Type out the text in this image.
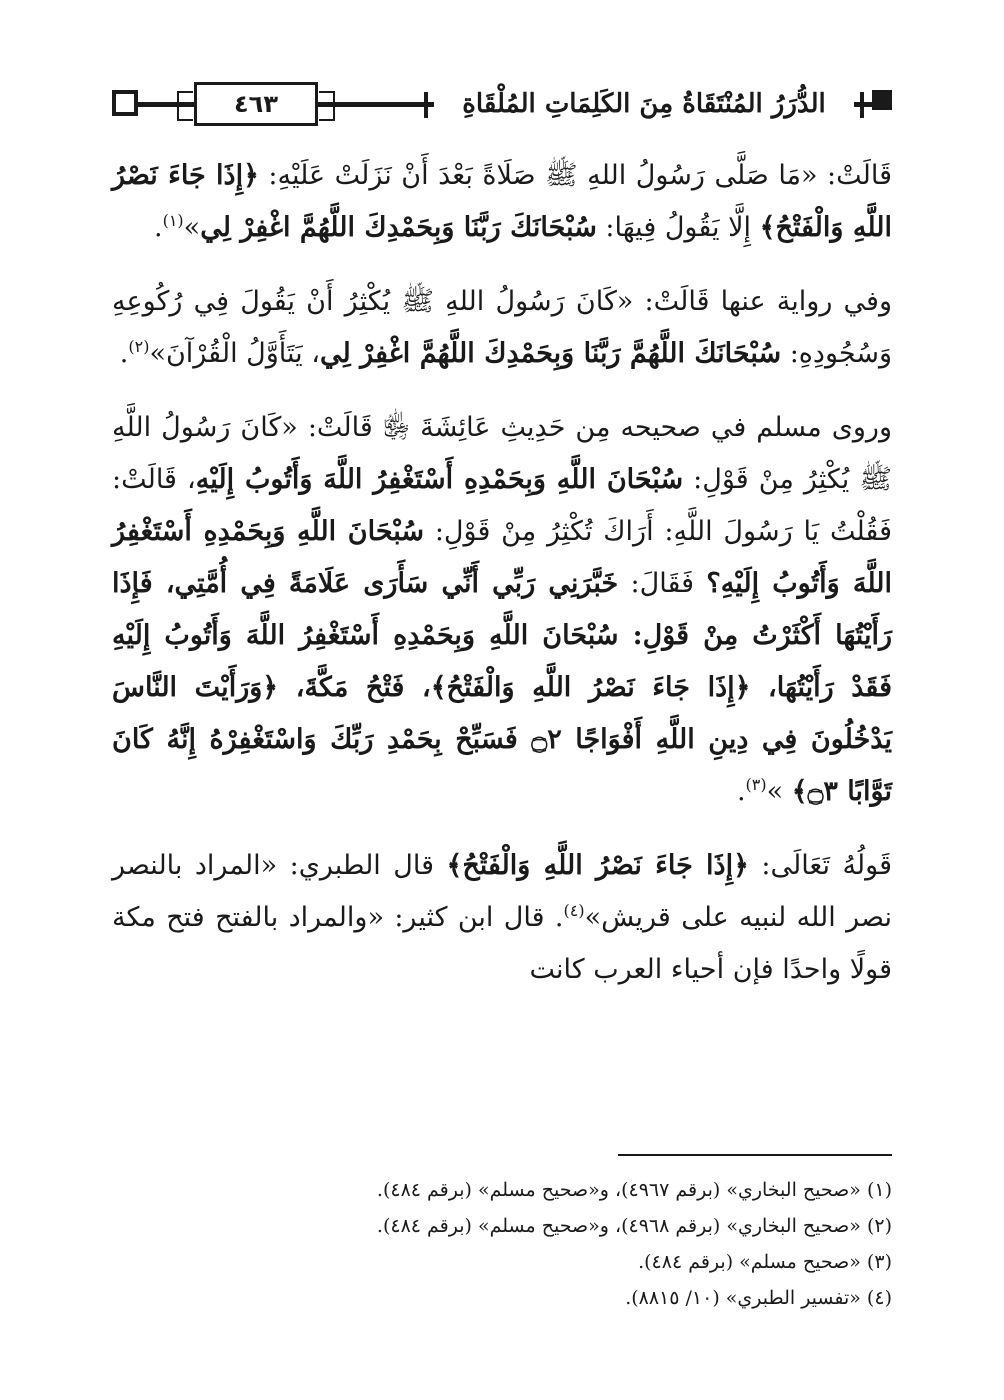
٤٦٣	الدُّرَرُ المُنْتَقَاةُ مِنَ الكَلِمَاتِ المُلْقَاةِ

قَالَتْ: «مَا صَلَّى رَسُولُ اللهِ ﷺ صَلَاةً بَعْدَ أَنْ نَزَلَتْ عَلَيْهِ: ﴿إِذَا جَاءَ نَصْرُ اللَّهِ وَالْفَتْحُ﴾ إِلَّا يَقُولُ فِيهَا: سُبْحَانَكَ رَبَّنَا وَبِحَمْدِكَ اللَّهُمَّ اغْفِرْ لِي»$^{(١)}$.

وفي رواية عنها قَالَتْ: «كَانَ رَسُولُ اللهِ ﷺ يُكْثِرُ أَنْ يَقُولَ فِي رُكُوعِهِ وَسُجُودِهِ: سُبْحَانَكَ اللَّهُمَّ رَبَّنَا وَبِحَمْدِكَ اللَّهُمَّ اغْفِرْ لِي، يَتَأَوَّلُ الْقُرْآنَ»$^{(٢)}$.

وروى مسلم في صحيحه مِن حَدِيثِ عَائِشَةَ ﵂ قَالَتْ: «كَانَ رَسُولُ اللَّهِ ﷺ يُكْثِرُ مِنْ قَوْلِ: سُبْحَانَ اللَّهِ وَبِحَمْدِهِ أَسْتَغْفِرُ اللَّهَ وَأَتُوبُ إِلَيْهِ، قَالَتْ: فَقُلْتُ يَا رَسُولَ اللَّهِ: أَرَاكَ تُكْثِرُ مِنْ قَوْلِ: سُبْحَانَ اللَّهِ وَبِحَمْدِهِ أَسْتَغْفِرُ اللَّهَ وَأَتُوبُ إِلَيْهِ؟ فَقَالَ: خَبَّرَنِي رَبِّي أَنِّي سَأَرَى عَلَامَةً فِي أُمَّتِي، فَإِذَا رَأَيْتُهَا أَكْثَرْتُ مِنْ قَوْلِ: سُبْحَانَ اللَّهِ وَبِحَمْدِهِ أَسْتَغْفِرُ اللَّهَ وَأَتُوبُ إِلَيْهِ فَقَدْ رَأَيْتُهَا، ﴿إِذَا جَاءَ نَصْرُ اللَّهِ وَالْفَتْحُ﴾، فَتْحُ مَكَّةَ، ﴿وَرَأَيْتَ النَّاسَ يَدْخُلُونَ فِي دِينِ اللَّهِ أَفْوَاجًا ۝٢ فَسَبِّحْ بِحَمْدِ رَبِّكَ وَاسْتَغْفِرْهُ إِنَّهُ كَانَ تَوَّابًا ۝٣﴾ »$^{(٣)}$.

قَولُهُ تَعَالَى: ﴿إِذَا جَاءَ نَصْرُ اللَّهِ وَالْفَتْحُ﴾ قال الطبري: «المراد بالنصر نصر الله لنبيه على قريش»$^{(٤)}$. قال ابن كثير: «والمراد بالفتح فتح مكة قولًا واحدًا فإن أحياء العرب كانت

(١) «صحيح البخاري» (برقم ٤٩٦٧)، و«صحيح مسلم» (برقم ٤٨٤).

(٢) «صحيح البخاري» (برقم ٤٩٦٨)، و«صحيح مسلم» (برقم ٤٨٤).

(٣) «صحيح مسلم» (برقم ٤٨٤).

(٤) «تفسير الطبري» (١٠/ ٨٨١٥).
